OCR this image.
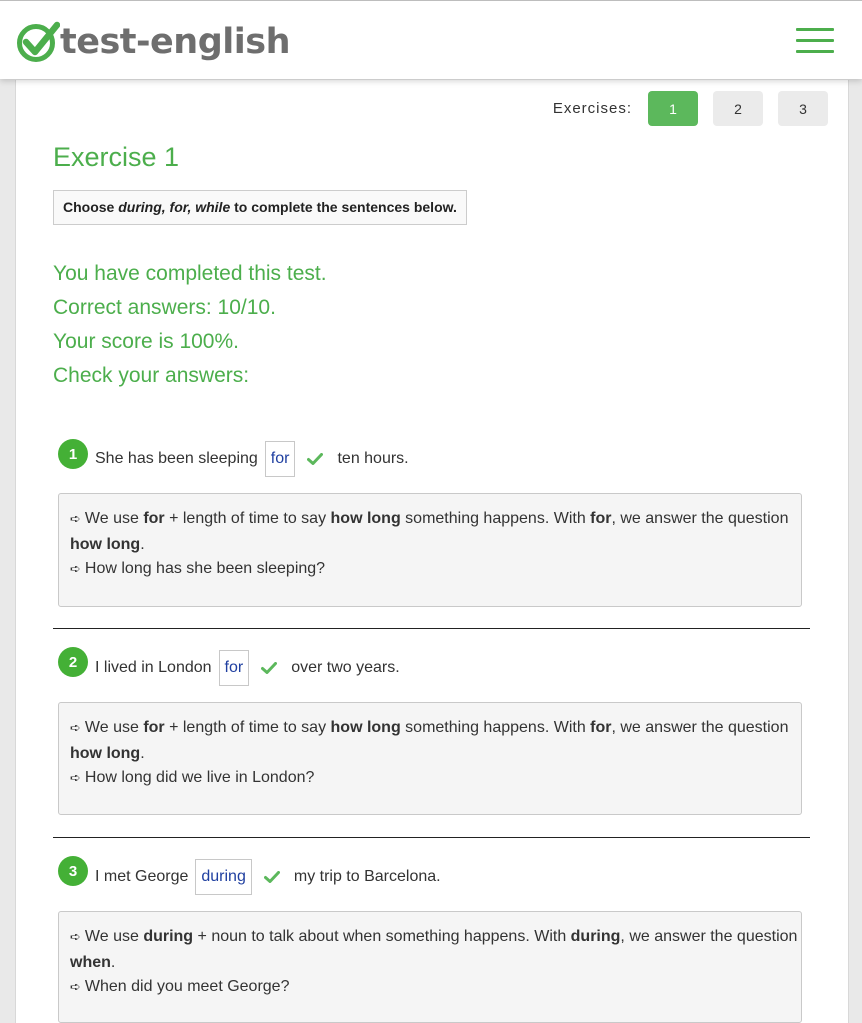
test-english
Exercises:	1	2	3
Exercise 1
Choose during, for, while to complete the sentences below.
You have completed this test.
Correct answers: 10/10.
Your score is 100%.
Check your answers:
1	She has been sleeping for	ten hours.
➪ We use for + length of time to say how long something happens. With for, we answer the question how long.
➪ How long has she been sleeping?
2	I lived in London for	over two years.
➪ We use for + length of time to say how long something happens. With for, we answer the question how long.
➪ How long did we live in London?
3	I met George during	my trip to Barcelona.
➪ We use during + noun to talk about when something happens. With during, we answer the question when.
➪ When did you meet George?
